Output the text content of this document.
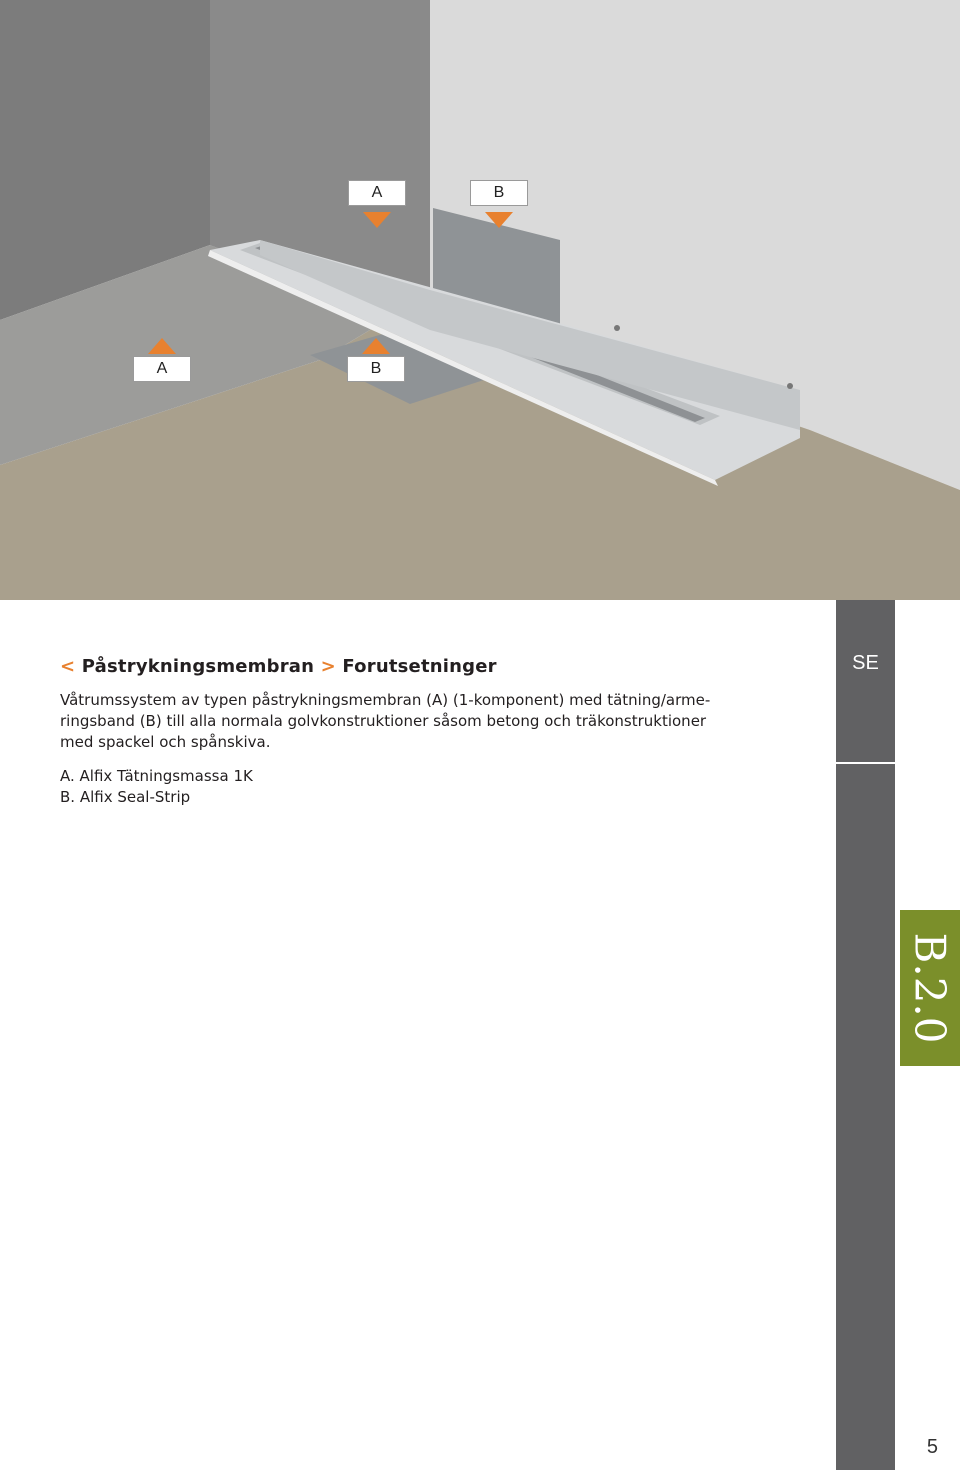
A	B
A	B
< Påstrykningsmembran > Forutsetninger

Våtrumssystem av typen påstrykningsmembran (A) (1-komponent) med tätning/arme-
ringsband (B) till alla normala golvkonstruktioner såsom betong och träkonstruktioner
med spackel och spånskiva.

A. Alfix Tätningsmassa 1K
B. Alfix Seal-Strip
SE
B.2.0
5
